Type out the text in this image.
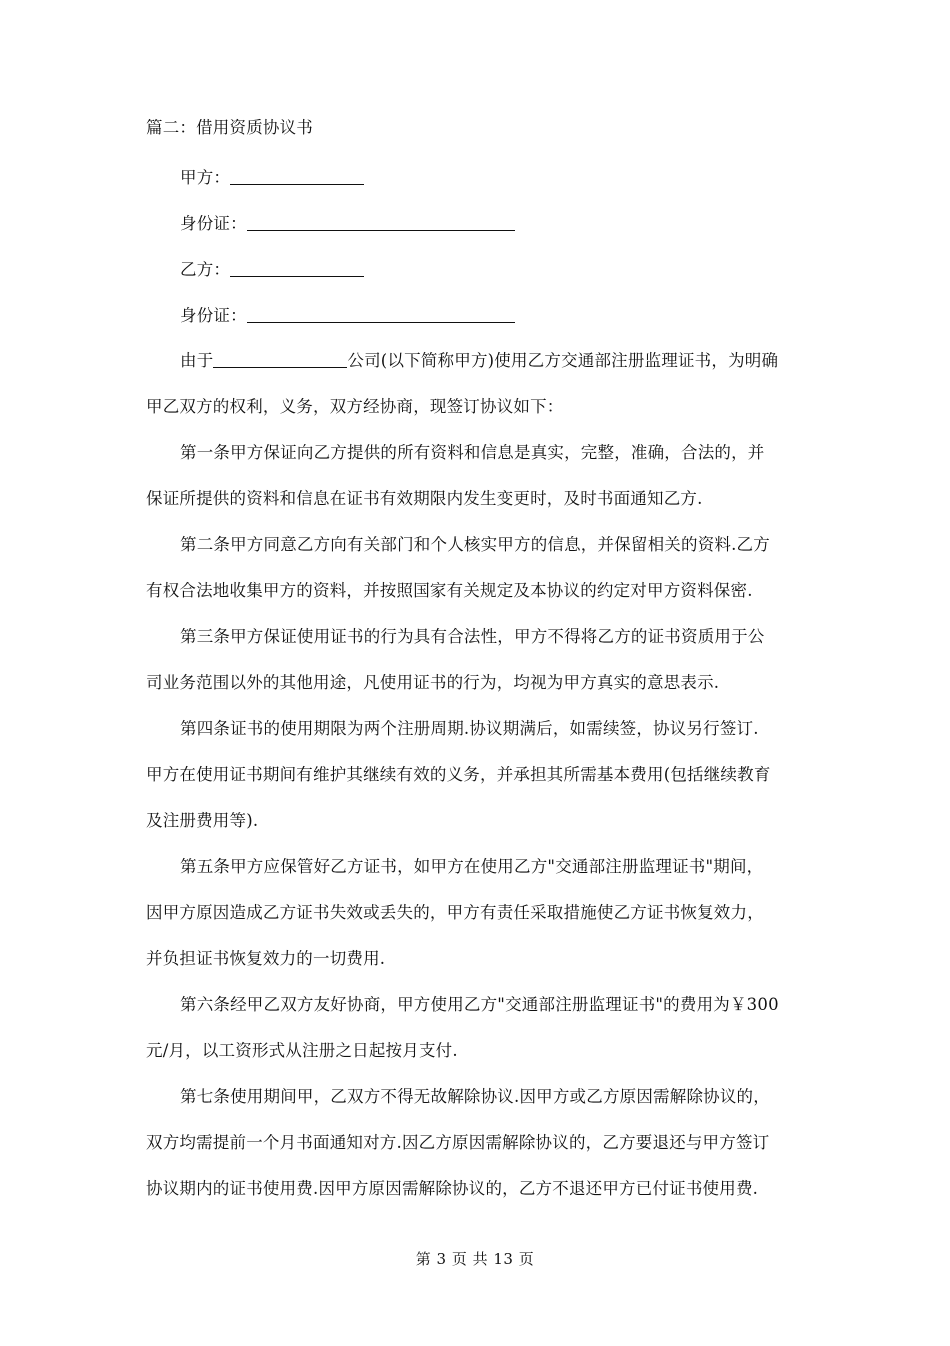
篇二：借用资质协议书
甲方：
身份证：
乙方：
身份证：
由于	公司(以下简称甲方)使用乙方交通部注册监理证书，为明确
甲乙双方的权利，义务，双方经协商，现签订协议如下：
第一条甲方保证向乙方提供的所有资料和信息是真实，完整，准确，合法的，并
保证所提供的资料和信息在证书有效期限内发生变更时，及时书面通知乙方.
第二条甲方同意乙方向有关部门和个人核实甲方的信息，并保留相关的资料.乙方
有权合法地收集甲方的资料，并按照国家有关规定及本协议的约定对甲方资料保密.
第三条甲方保证使用证书的行为具有合法性，甲方不得将乙方的证书资质用于公
司业务范围以外的其他用途，凡使用证书的行为，均视为甲方真实的意思表示.
第四条证书的使用期限为两个注册周期.协议期满后，如需续签，协议另行签订.
甲方在使用证书期间有维护其继续有效的义务，并承担其所需基本费用(包括继续教育
及注册费用等).
第五条甲方应保管好乙方证书，如甲方在使用乙方"交通部注册监理证书"期间，
因甲方原因造成乙方证书失效或丢失的，甲方有责任采取措施使乙方证书恢复效力，
并负担证书恢复效力的一切费用.
第六条经甲乙双方友好协商，甲方使用乙方"交通部注册监理证书"的费用为￥300
元/月，以工资形式从注册之日起按月支付.
第七条使用期间甲，乙双方不得无故解除协议.因甲方或乙方原因需解除协议的，
双方均需提前一个月书面通知对方.因乙方原因需解除协议的，乙方要退还与甲方签订
协议期内的证书使用费.因甲方原因需解除协议的，乙方不退还甲方已付证书使用费.
第 3 页 共 13 页
